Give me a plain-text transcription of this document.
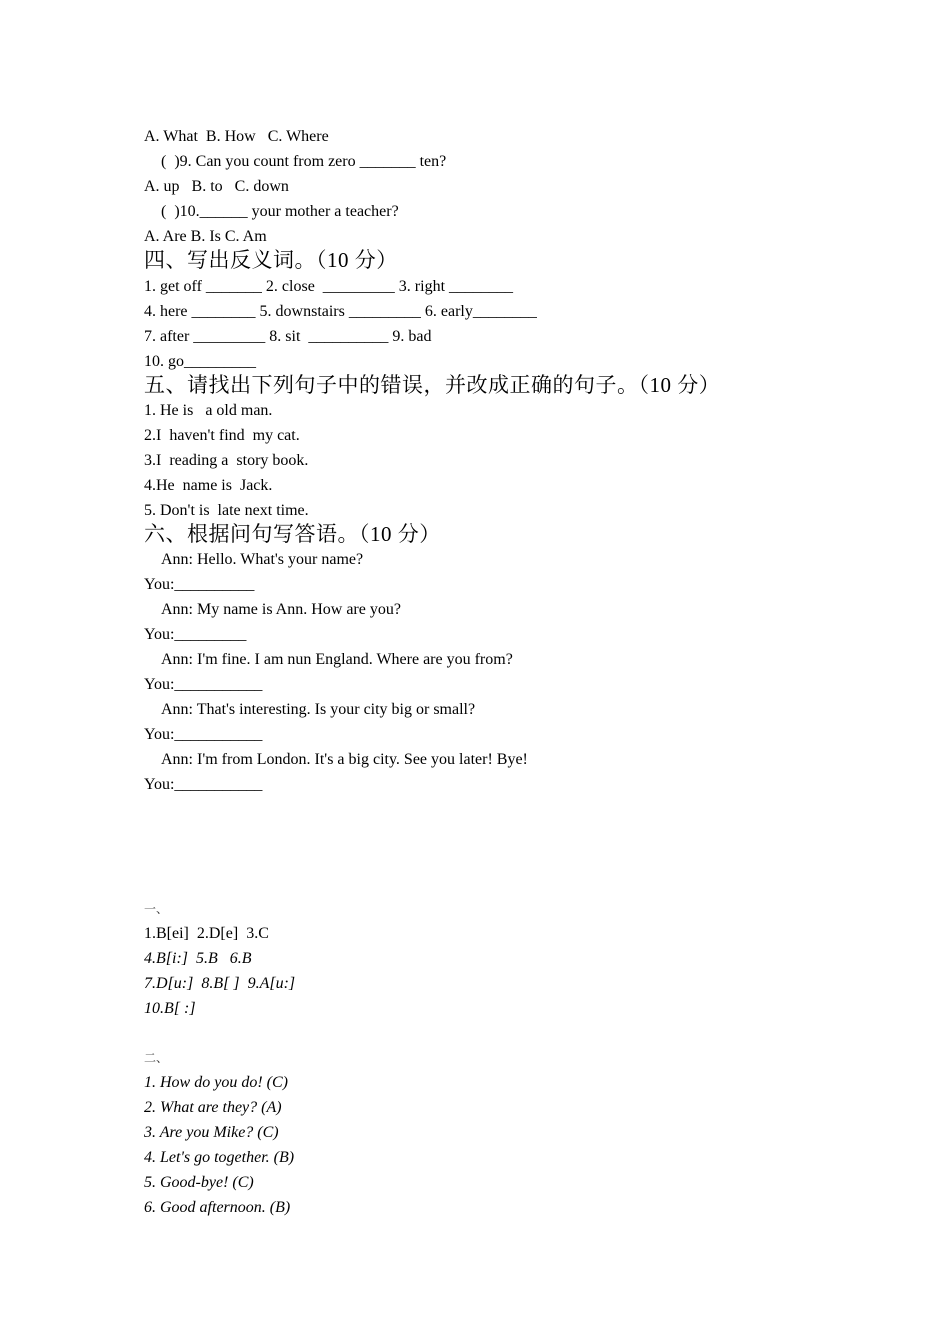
A. What  B. How   C. Where
(  )9. Can you count from zero _______ ten?
A. up   B. to   C. down
(  )10.______ your mother a teacher?
A. Are B. Is C. Am
四、写出反义词。（10 分）
1. get off _______ 2. close  _________ 3. right ________
4. here ________ 5. downstairs _________ 6. early________
7. after _________ 8. sit  __________ 9. bad
10. go_________
五、请找出下列句子中的错误，并改成正确的句子。（10 分）
1. He is   a old man.
2.I  haven't find  my cat.
3.I  reading a  story book.
4.He  name is  Jack.
5. Don't is  late next time.
六、根据问句写答语。（10 分）
Ann: Hello. What's your name?
You:__________
Ann: My name is Ann. How are you?
You:_________
Ann: I'm fine. I am nun England. Where are you from?
You:___________
Ann: That's interesting. Is your city big or small?
You:___________
Ann: I'm from London. It's a big city. See you later! Bye!
You:___________
一、
1.B[ei]  2.D[e]  3.C
4.B[i:]  5.B   6.B
7.D[u:]  8.B[ ]  9.A[u:]
10.B[ :]
二、
1. How do you do! (C)
2. What are they? (A)
3. Are you Mike? (C)
4. Let's go together. (B)
5. Good-bye! (C)
6. Good afternoon. (B)
